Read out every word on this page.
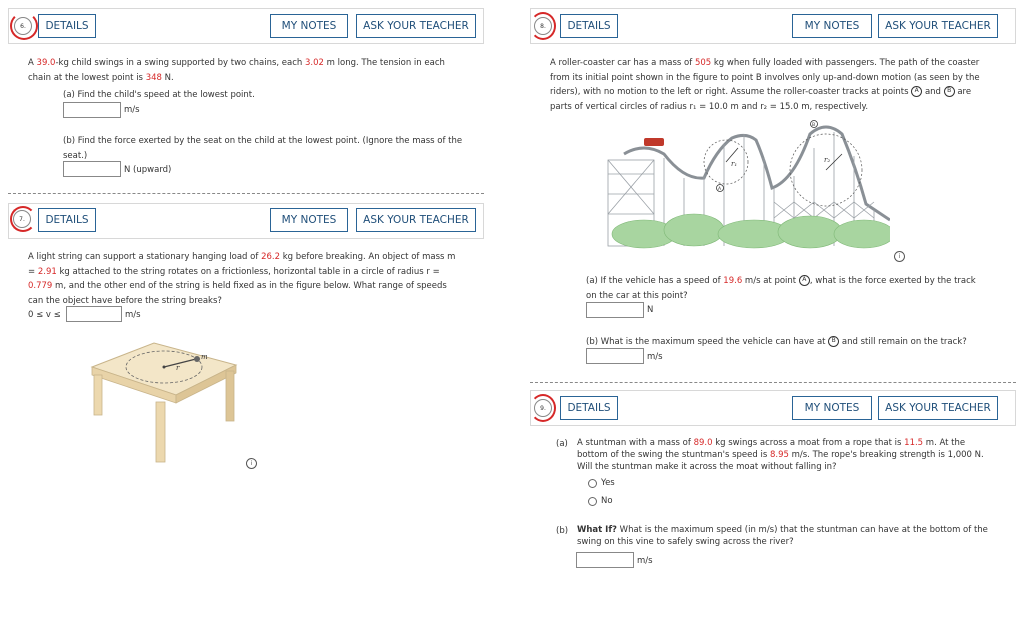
6.	DETAILS	MY NOTES	ASK YOUR TEACHER
A 39.0-kg child swings in a swing supported by two chains, each 3.02 m long. The tension in each
chain at the lowest point is 348 N.
(a) Find the child's speed at the lowest point.
m/s
(b) Find the force exerted by the seat on the child at the lowest point. (Ignore the mass of the
seat.)
N (upward)
7.	DETAILS	MY NOTES	ASK YOUR TEACHER
A light string can support a stationary hanging load of 26.2 kg before breaking. An object of mass m
= 2.91 kg attached to the string rotates on a frictionless, horizontal table in a circle of radius r =
0.779 m, and the other end of the string is held fixed as in the figure below. What range of speeds
can the object have before the string breaks?
0 ≤ v ≤	m/s
m
r
i
8.	DETAILS	MY NOTES	ASK YOUR TEACHER
A roller-coaster car has a mass of 505 kg when fully loaded with passengers. The path of the coaster
from its initial point shown in the figure to point B involves only up-and-down motion (as seen by the
riders), with no motion to the left or right. Assume the roller-coaster tracks at points A and B are
parts of vertical circles of radius r₁ = 10.0 m and r₂ = 15.0 m, respectively.
r₁	r₂
A
B
i
(a) If the vehicle has a speed of 19.6 m/s at point A , what is the force exerted by the track
on the car at this point?
N
(b) What is the maximum speed the vehicle can have at B and still remain on the track?
m/s
9.	DETAILS	MY NOTES	ASK YOUR TEACHER
(a) A stuntman with a mass of 89.0 kg swings across a moat from a rope that is 11.5 m. At the
bottom of the swing the stuntman's speed is 8.95 m/s. The rope's breaking strength is 1,000 N.
Will the stuntman make it across the moat without falling in?
Yes
No
(b) What If? What is the maximum speed (in m/s) that the stuntman can have at the bottom of the
swing on this vine to safely swing across the river?
m/s
